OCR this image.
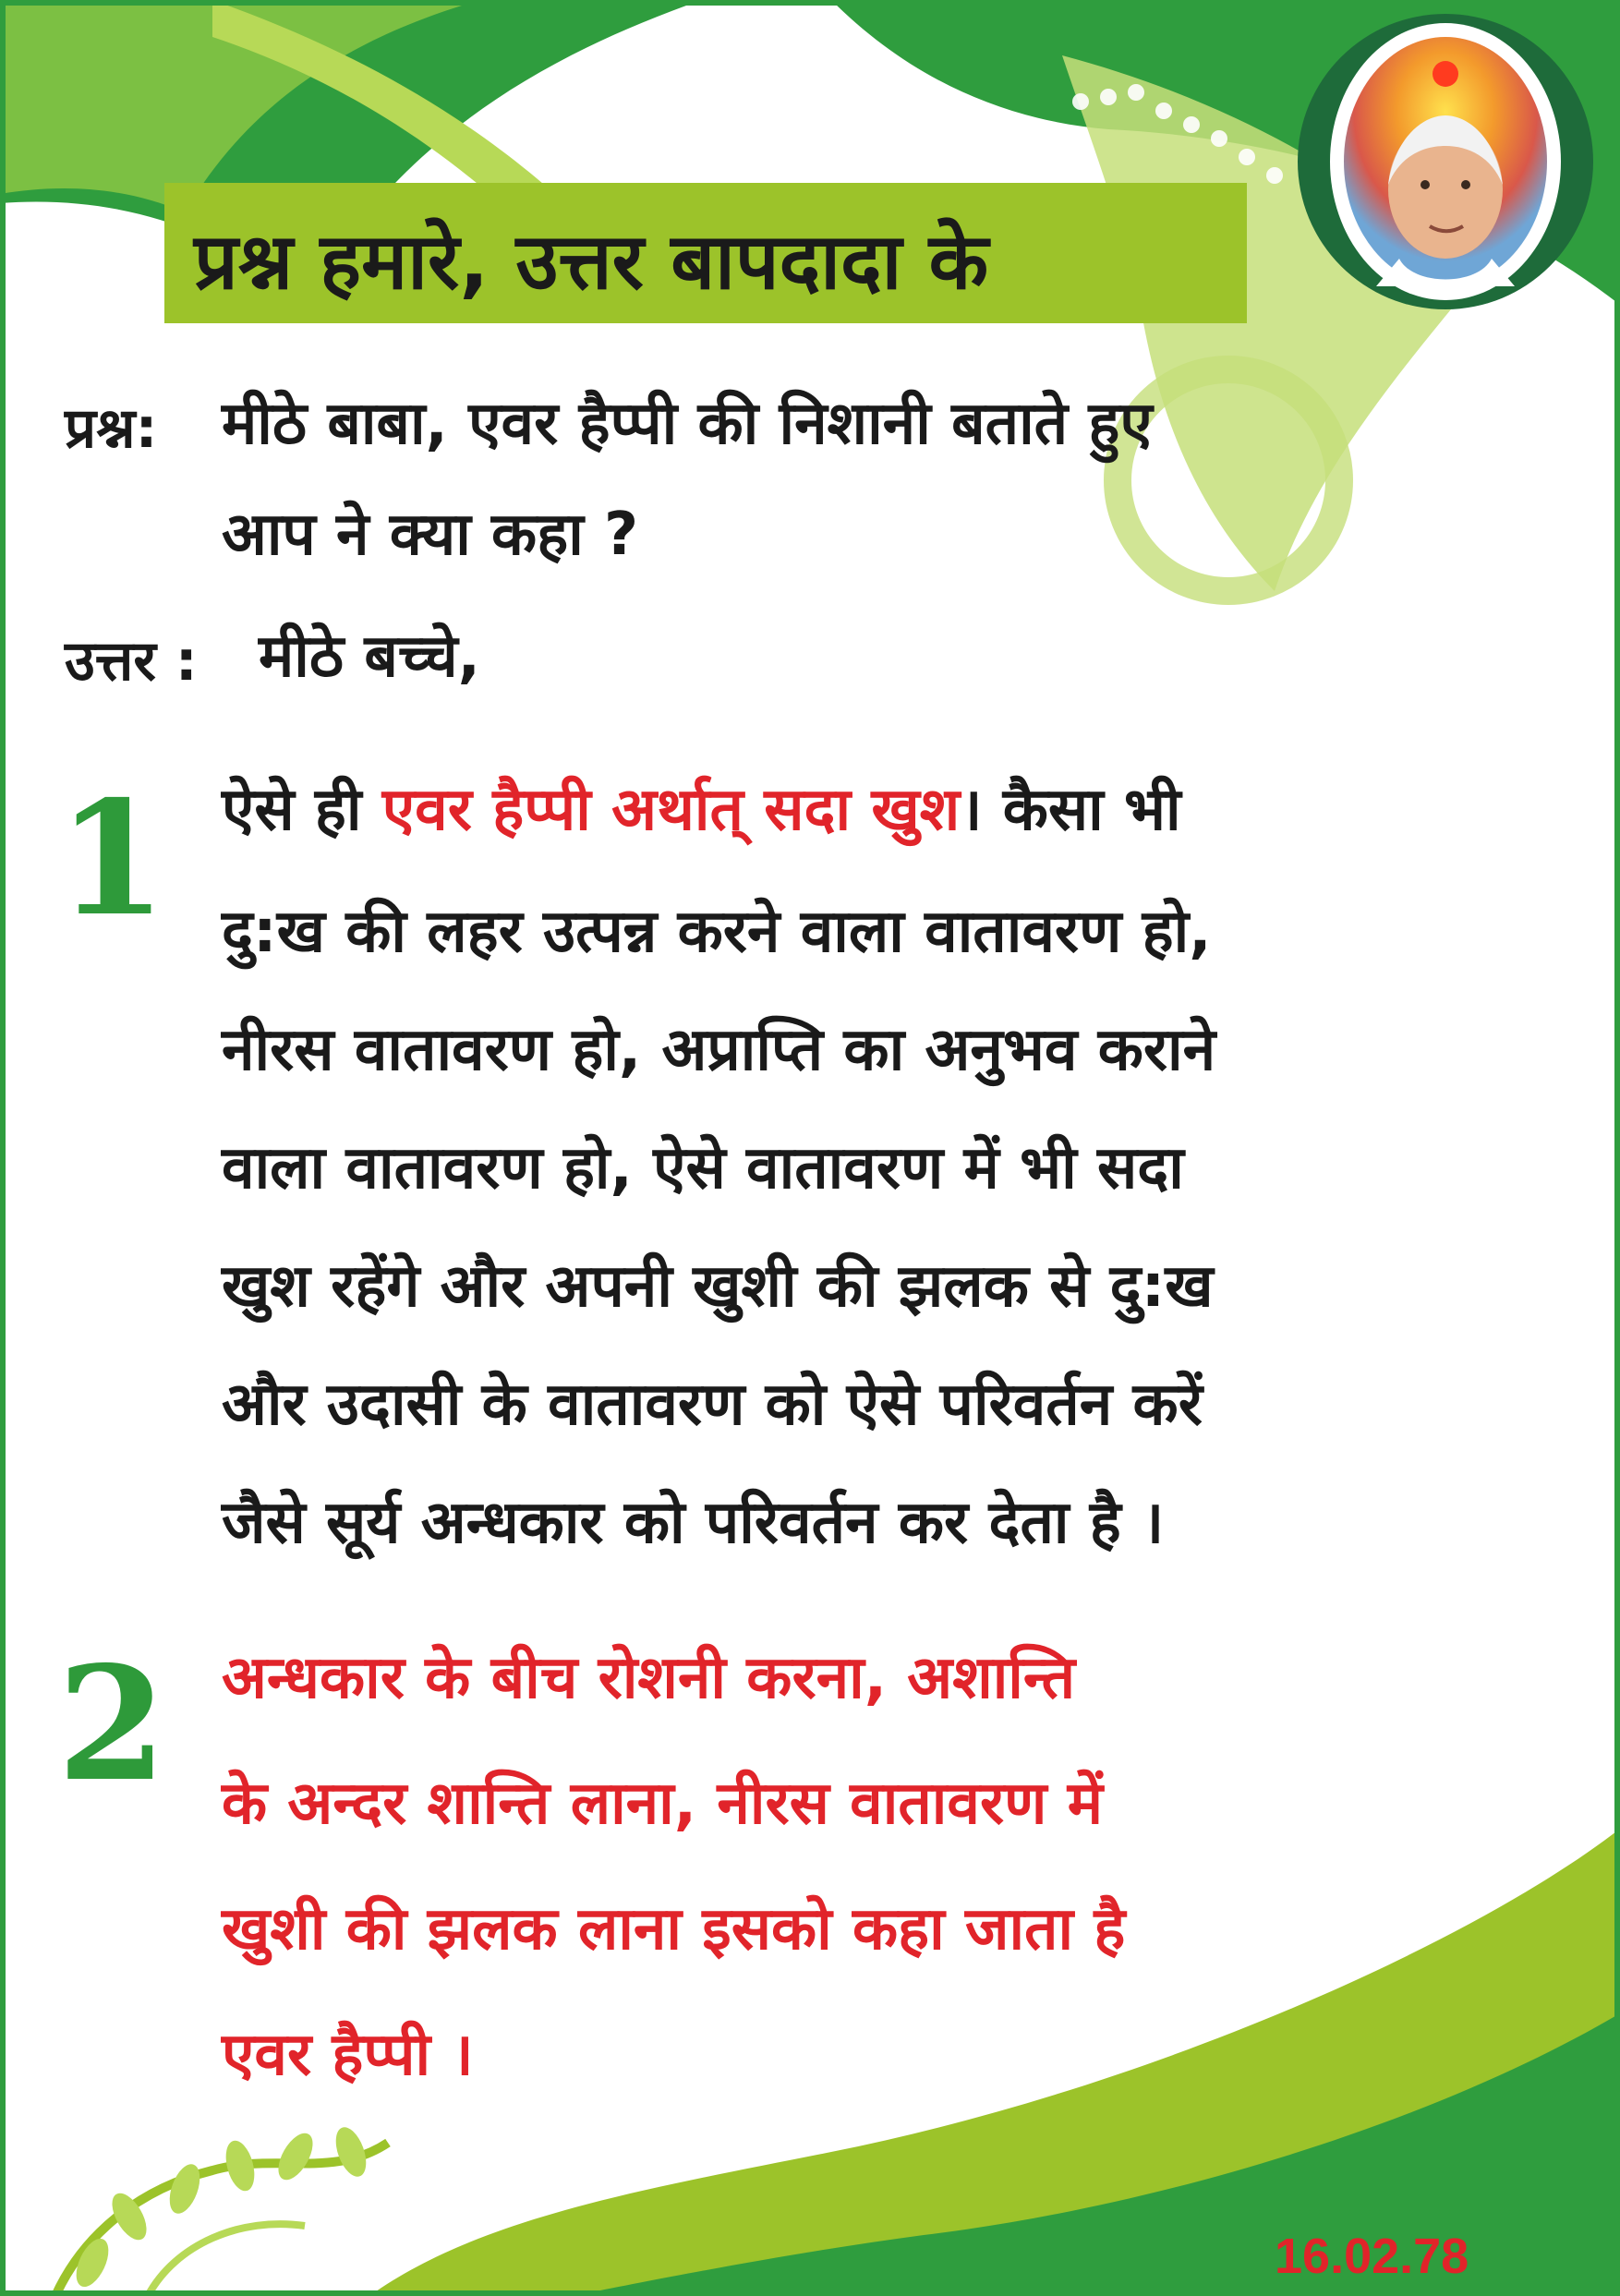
प्रश्न हमारे, उत्तर बापदादा के
प्रश्न: मीठे बाबा, एवर हैप्पी की निशानी बताते हुए
आप ने क्या कहा ?
उत्तर : मीठे बच्चे,
1 ऐसे ही एवर हैप्पी अर्थात् सदा खुश। कैसा भी
दु:ख की लहर उत्पन्न करने वाला वातावरण हो,
नीरस वातावरण हो, अप्राप्ति का अनुभव कराने
वाला वातावरण हो, ऐसे वातावरण में भी सदा
खुश रहेंगे और अपनी खुशी की झलक से दु:ख
और उदासी के वातावरण को ऐसे परिवर्तन करें
जैसे सूर्य अन्धकार को परिवर्तन कर देता है ।
2 अन्धकार के बीच रोशनी करना, अशान्ति
के अन्दर शान्ति लाना, नीरस वातावरण में
खुशी की झलक लाना इसको कहा जाता है
एवर हैप्पी ।
16.02.78
